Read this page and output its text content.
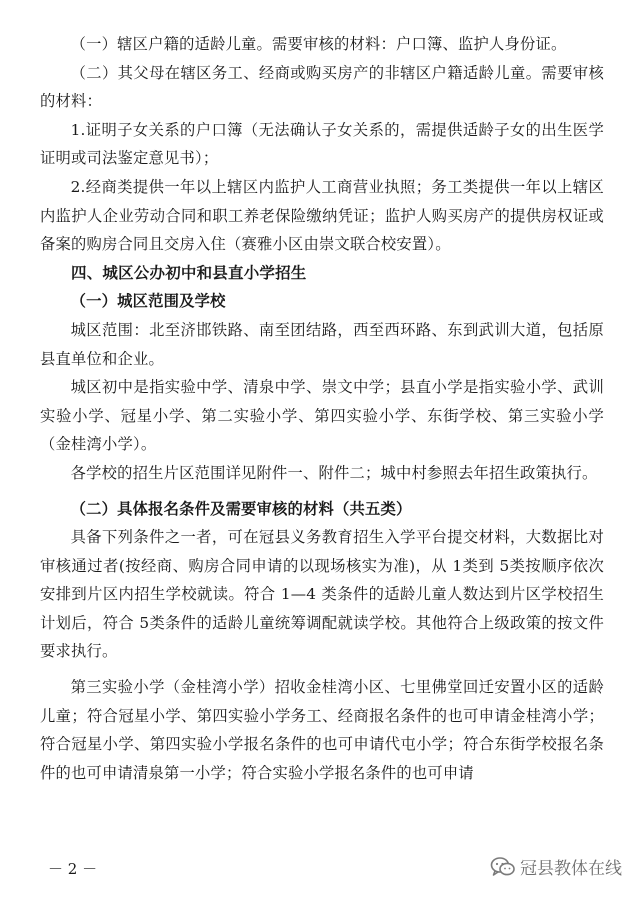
（一）辖区户籍的适龄儿童。需要审核的材料：户口簿、监护人身份证。

（二）其父母在辖区务工、经商或购买房产的非辖区户籍适龄儿童。需要审核的材料：

1.证明子女关系的户口簿（无法确认子女关系的，需提供适龄子女的出生医学证明或司法鉴定意见书）；

2.经商类提供一年以上辖区内监护人工商营业执照；务工类提供一年以上辖区内监护人企业劳动合同和职工养老保险缴纳凭证；监护人购买房产的提供房权证或备案的购房合同且交房入住（赛雅小区由崇文联合校安置）。

四、城区公办初中和县直小学招生

（一）城区范围及学校

城区范围：北至济邯铁路、南至团结路，西至西环路、东到武训大道，包括原县直单位和企业。

城区初中是指实验中学、清泉中学、崇文中学；县直小学是指实验小学、武训实验小学、冠星小学、第二实验小学、第四实验小学、东街学校、第三实验小学（金桂湾小学）。

各学校的招生片区范围详见附件一、附件二；城中村参照去年招生政策执行。

（二）具体报名条件及需要审核的材料（共五类）

具备下列条件之一者，可在冠县义务教育招生入学平台提交材料，大数据比对审核通过者(按经商、购房合同申请的以现场核实为准)，从 1类到 5类按顺序依次安排到片区内招生学校就读。符合 1—4 类条件的适龄儿童人数达到片区学校招生计划后，符合 5类条件的适龄儿童统筹调配就读学校。其他符合上级政策的按文件要求执行。

第三实验小学（金桂湾小学）招收金桂湾小区、七里佛堂回迁安置小区的适龄儿童；符合冠星小学、第四实验小学务工、经商报名条件的也可申请金桂湾小学；符合冠星小学、第四实验小学报名条件的也可申请代屯小学；符合东街学校报名条件的也可申请清泉第一小学；符合实验小学报名条件的也可申请

－ 2 －	冠县教体在线
